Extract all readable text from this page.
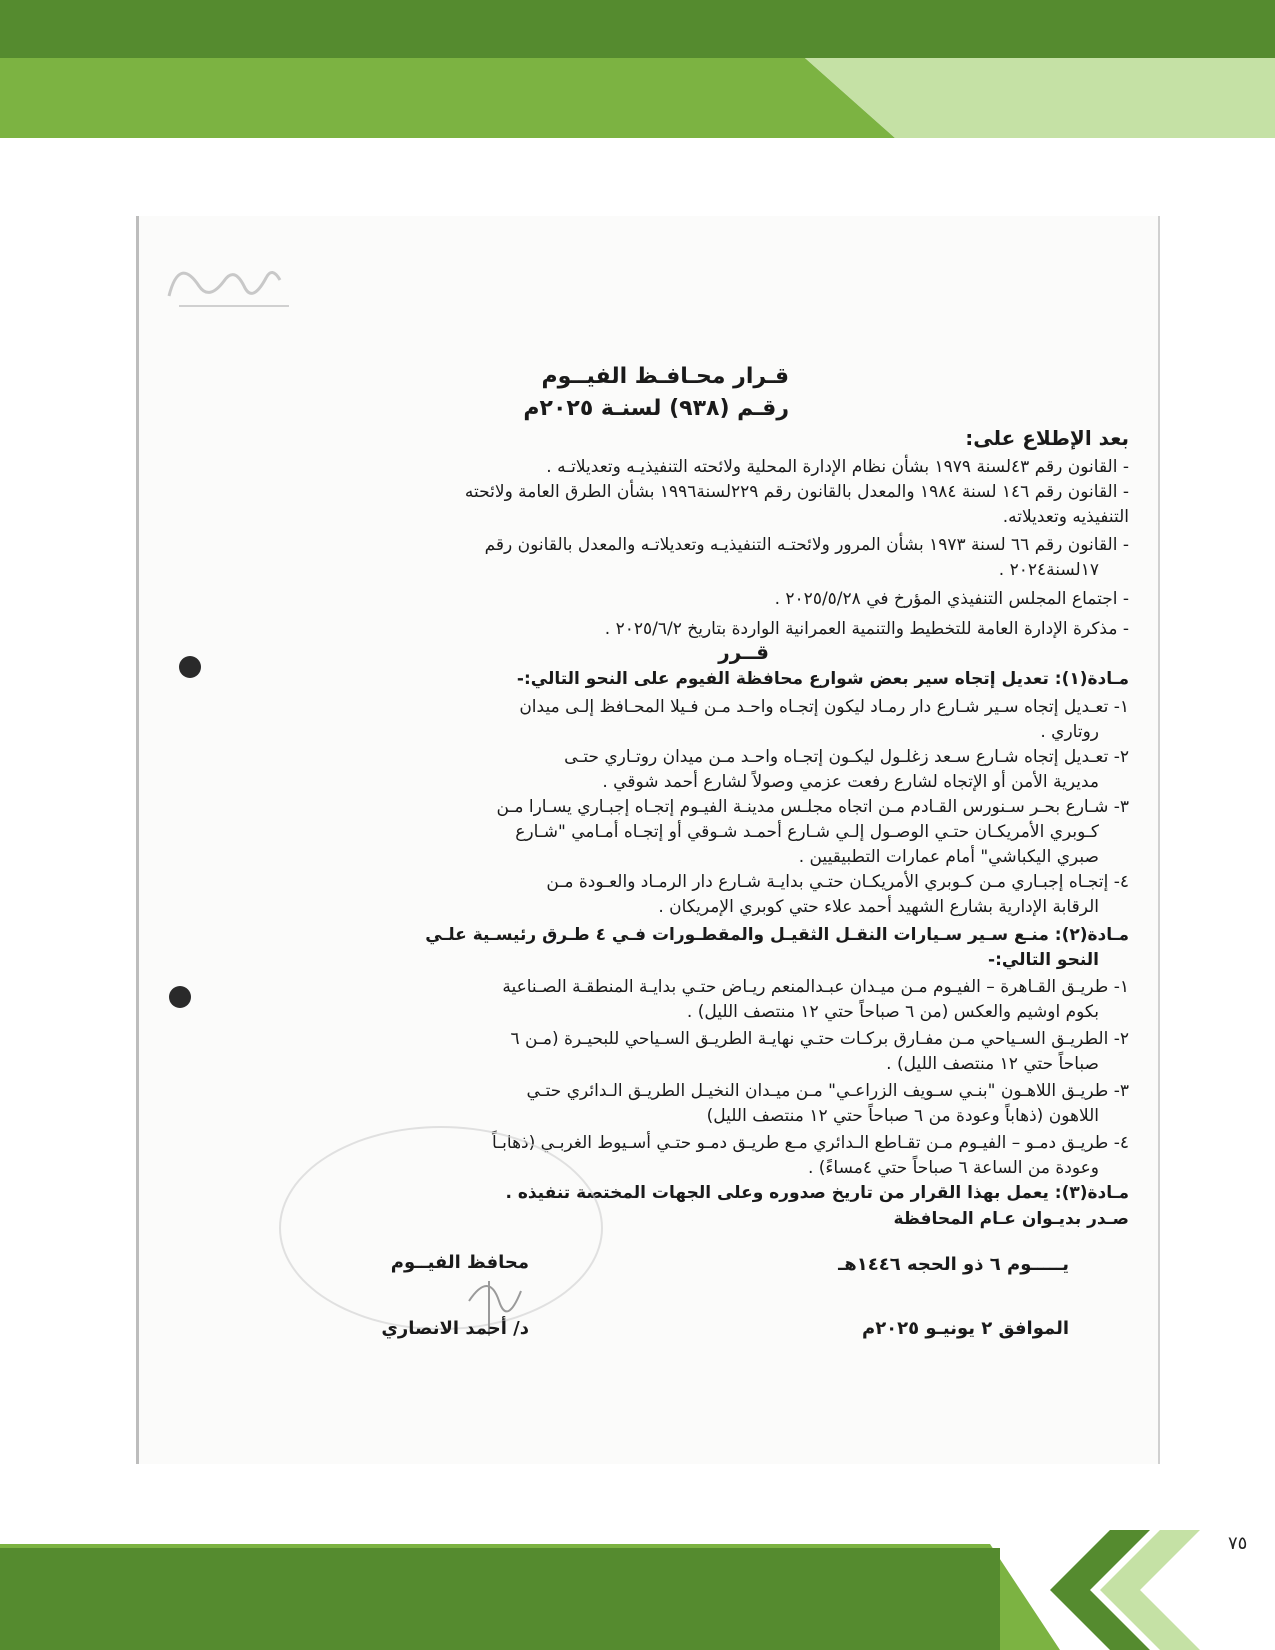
قـرار محـافـظ الفيــوم
رقـم (٩٣٨) لسنـة ٢٠٢٥م
بعد الإطلاع على:
- القانون رقم ٤٣لسنة ١٩٧٩ بشأن نظام الإدارة المحلية ولائحته التنفيذيـه وتعديلاتـه .
- القانون رقم ١٤٦ لسنة ١٩٨٤ والمعدل بالقانون رقم ٢٢٩لسنة١٩٩٦ بشأن الطرق العامة ولائحته
التنفيذيه وتعديلاته.
- القانون رقم ٦٦ لسنة ١٩٧٣ بشأن المرور ولائحتـه التنفيذيـه وتعديلاتـه والمعدل بالقانون رقم
١٧لسنة٢٠٢٤ .
- اجتماع المجلس التنفيذي المؤرخ في ٢٠٢٥/٥/٢٨ .
- مذكرة الإدارة العامة للتخطيط والتنمية العمرانية الواردة بتاريخ ٢٠٢٥/٦/٢ .
قــرر
مـادة(١): تعديل إتجاه سير بعض شوارع محافظة الفيوم على النحو التالي:-
١- تعـديل إتجاه سـير شـارع دار رمـاد ليكون إتجـاه واحـد مـن فـيلا المحـافظ إلـى ميدان
روتاري .
٢- تعـديل إتجاه شـارع سـعد زغلـول ليكـون إتجـاه واحـد مـن ميدان روتـاري حتـى
مديرية الأمن أو الإتجاه لشارع رفعت عزمي وصولاً لشارع أحمد شوقي .
٣- شـارع بحـر سـنورس القـادم مـن اتجاه مجلـس مدينـة الفيـوم إتجـاه إجبـاري يسـارا مـن
كـوبري الأمريكـان حتـي الوصـول إلـي شـارع أحمـد شـوقي أو إتجـاه أمـامي "شـارع
صبري اليكباشي" أمام عمارات التطبيقيين .
٤- إتجـاه إجبـاري مـن كـوبري الأمريكـان حتـي بدايـة شـارع دار الرمـاد والعـودة مـن
الرقابة الإدارية بشارع الشهيد أحمد علاء حتي كوبري الإمريكان .
مـادة(٢): منـع سـير سـيارات النقـل الثقيـل والمقطـورات فـي ٤ طـرق رئيسـية علـي
النحو التالي:-
١- طريـق القـاهرة – الفيـوم مـن ميـدان عبـدالمنعم ريـاض حتـي بدايـة المنطقـة الصـناعية
بكوم اوشيم والعكس (من ٦ صباحاً حتي ١٢ منتصف الليل) .
٢- الطريـق السـياحي مـن مفـارق بركـات حتـي نهايـة الطريـق السـياحي للبحيـرة (مـن ٦
صباحاً حتي ١٢ منتصف الليل) .
٣- طريـق اللاهـون "بنـي سـويف الزراعـي" مـن ميـدان النخيـل الطريـق الـدائري حتـي
اللاهون (ذهاباً وعودة من ٦ صباحاً حتي ١٢ منتصف الليل)
٤- طريـق دمـو – الفيـوم مـن تقـاطع الـدائري مـع طريـق دمـو حتـي أسـيوط الغربـي (ذهابـاً
وعودة من الساعة ٦ صباحاً حتي ٤مساءً) .
مـادة(٣): يعمل بهذا القرار من تاريخ صدوره وعلى الجهات المختصة تنفيذه .
صـدر بديـوان عـام المحافظة
يـــــوم ٦ ذو الحجه ١٤٤٦هـ
محافظ الفيــوم
الموافق ٢ يونيـو ٢٠٢٥م
د/ أحمد الانصاري
٧٥
